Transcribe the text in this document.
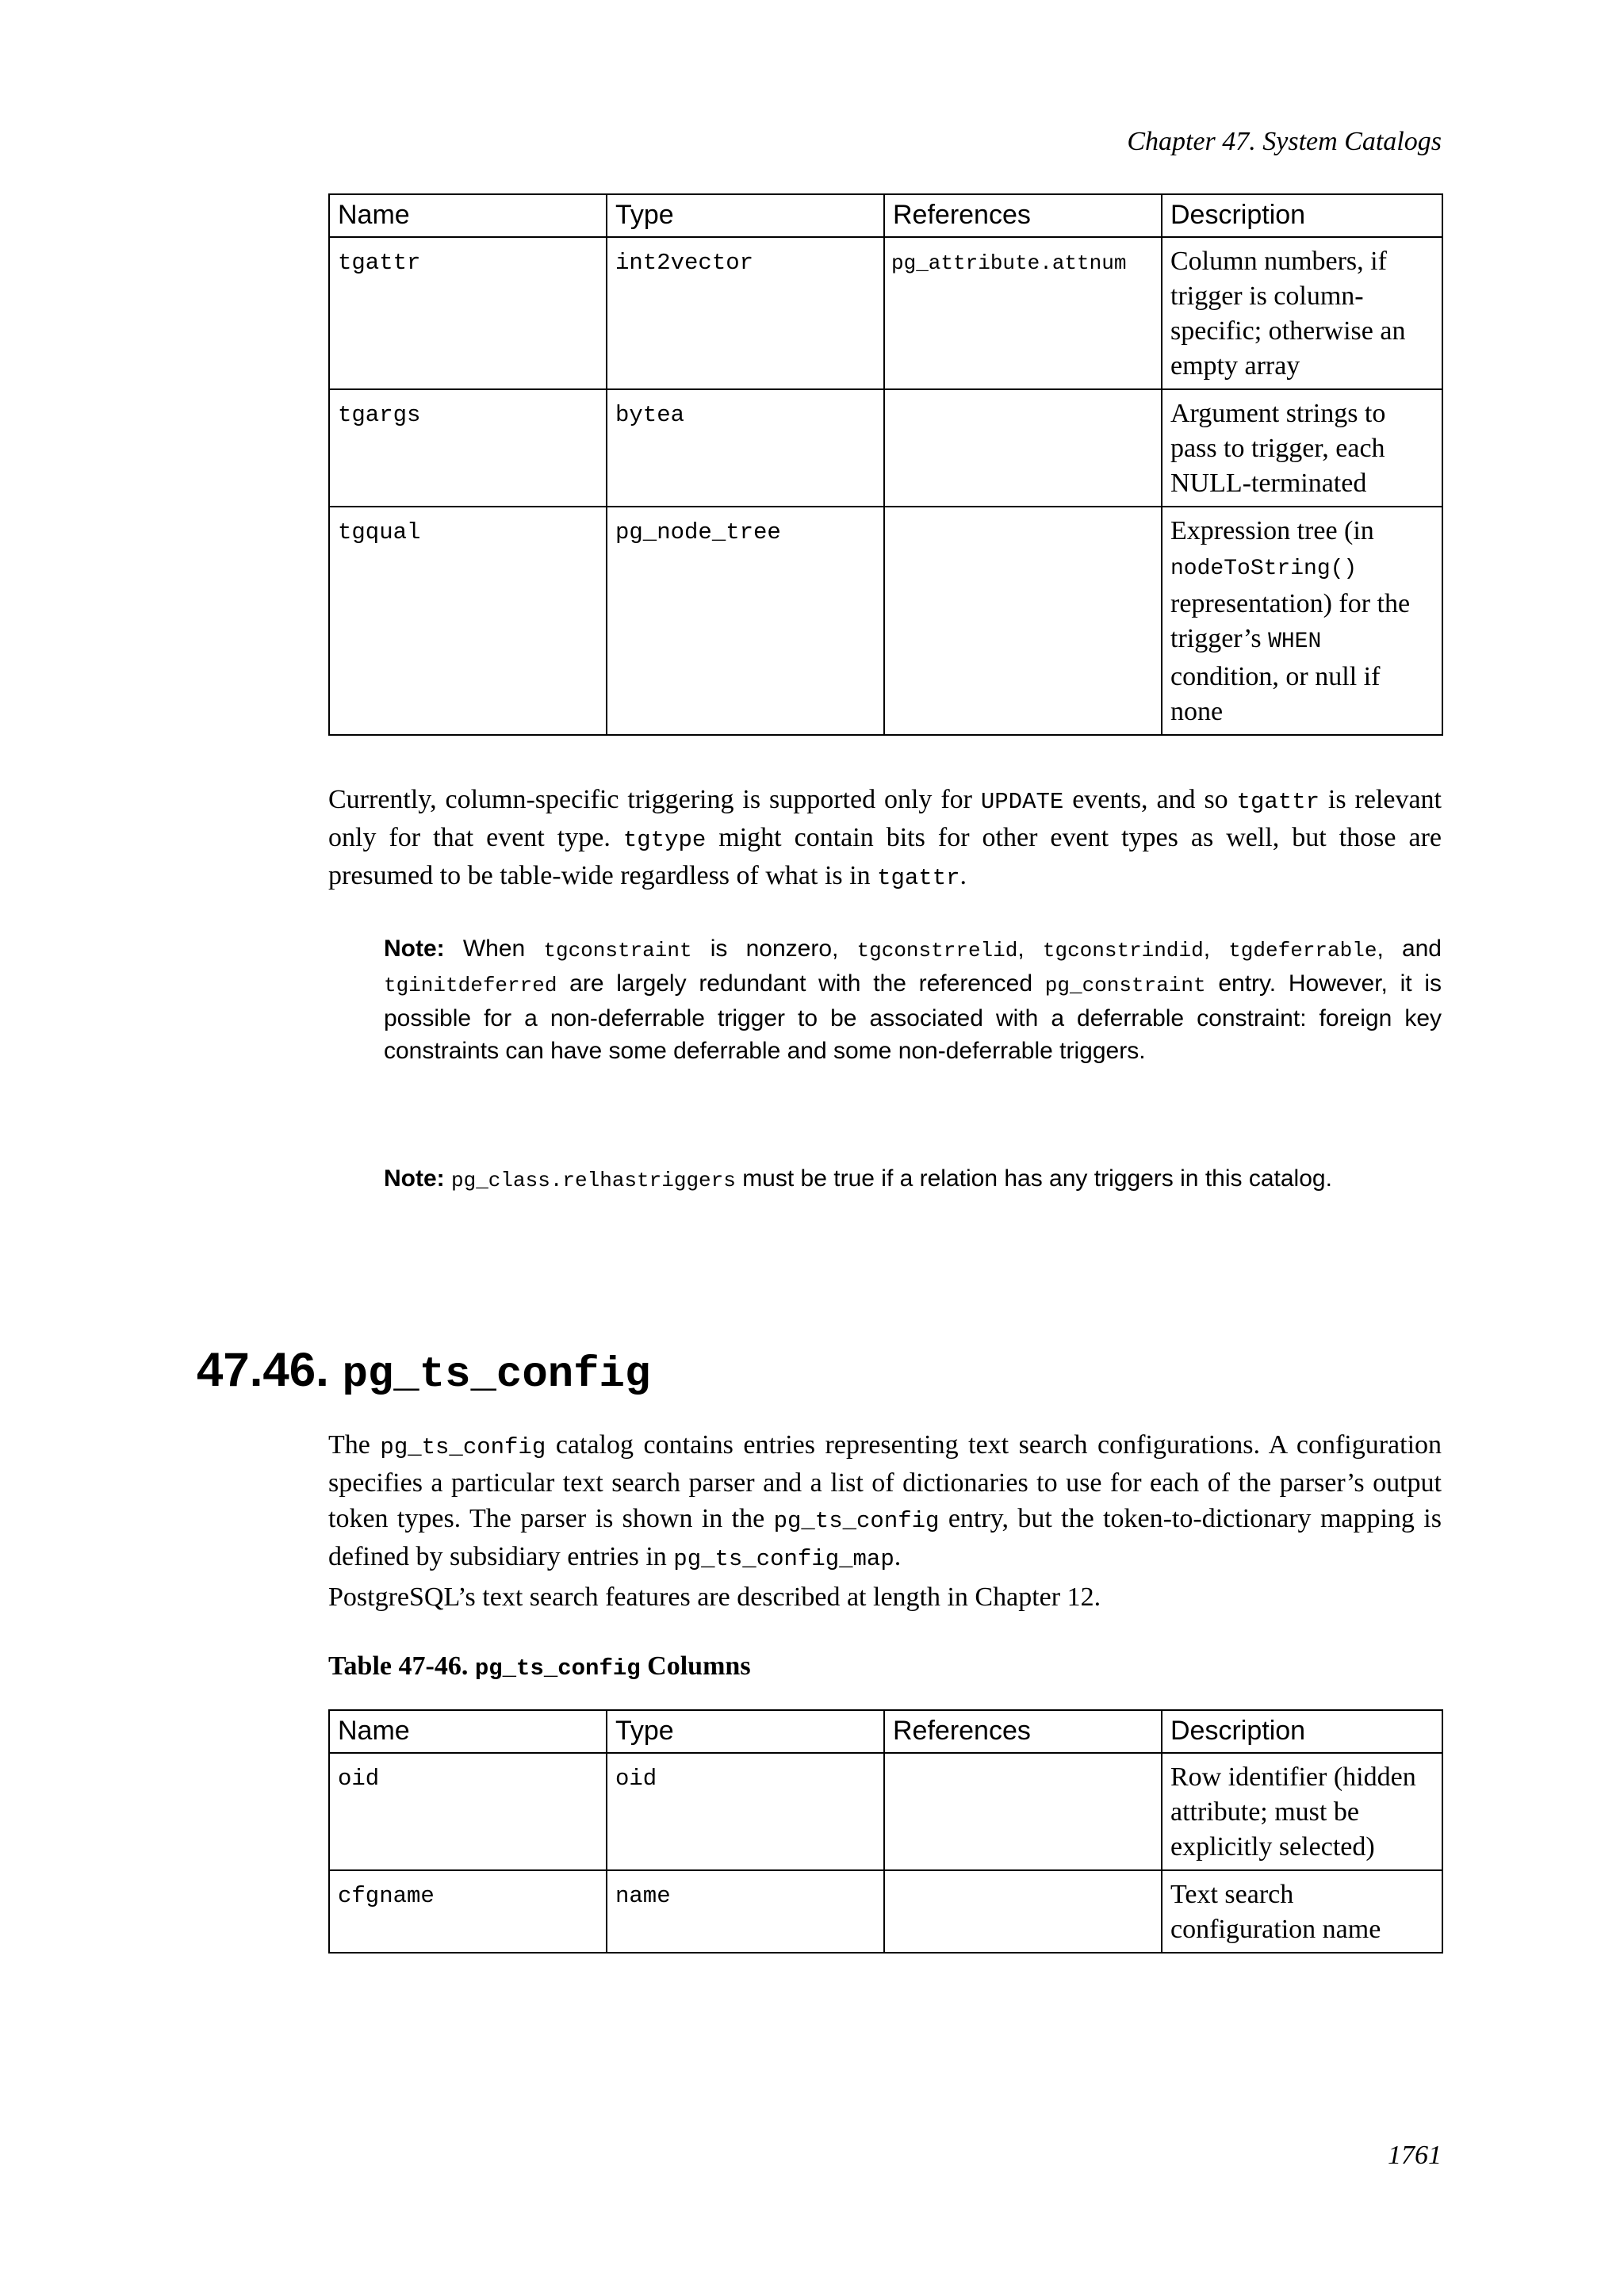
Chapter 47. System Catalogs
Name	Type	References	Description
tgattr	int2vector	pg_attribute.attnum	Column numbers, if trigger is column-specific; otherwise an empty array
tgargs	bytea		Argument strings to pass to trigger, each NULL-terminated
tgqual	pg_node_tree		Expression tree (in nodeToString() representation) for the trigger’s WHEN condition, or null if none

Currently, column-specific triggering is supported only for UPDATE events, and so tgattr is relevant only for that event type. tgtype might contain bits for other event types as well, but those are presumed to be table-wide regardless of what is in tgattr.

Note: When tgconstraint is nonzero, tgconstrrelid, tgconstrindid, tgdeferrable, and tginitdeferred are largely redundant with the referenced pg_constraint entry. However, it is possible for a non-deferrable trigger to be associated with a deferrable constraint: foreign key constraints can have some deferrable and some non-deferrable triggers.

Note: pg_class.relhastriggers must be true if a relation has any triggers in this catalog.

47.46. pg_ts_config

The pg_ts_config catalog contains entries representing text search configurations. A configuration specifies a particular text search parser and a list of dictionaries to use for each of the parser’s output token types. The parser is shown in the pg_ts_config entry, but the token-to-dictionary mapping is defined by subsidiary entries in pg_ts_config_map.

PostgreSQL’s text search features are described at length in Chapter 12.

Table 47-46. pg_ts_config Columns
Name	Type	References	Description
oid	oid		Row identifier (hidden attribute; must be explicitly selected)
cfgname	name		Text search configuration name
1761
